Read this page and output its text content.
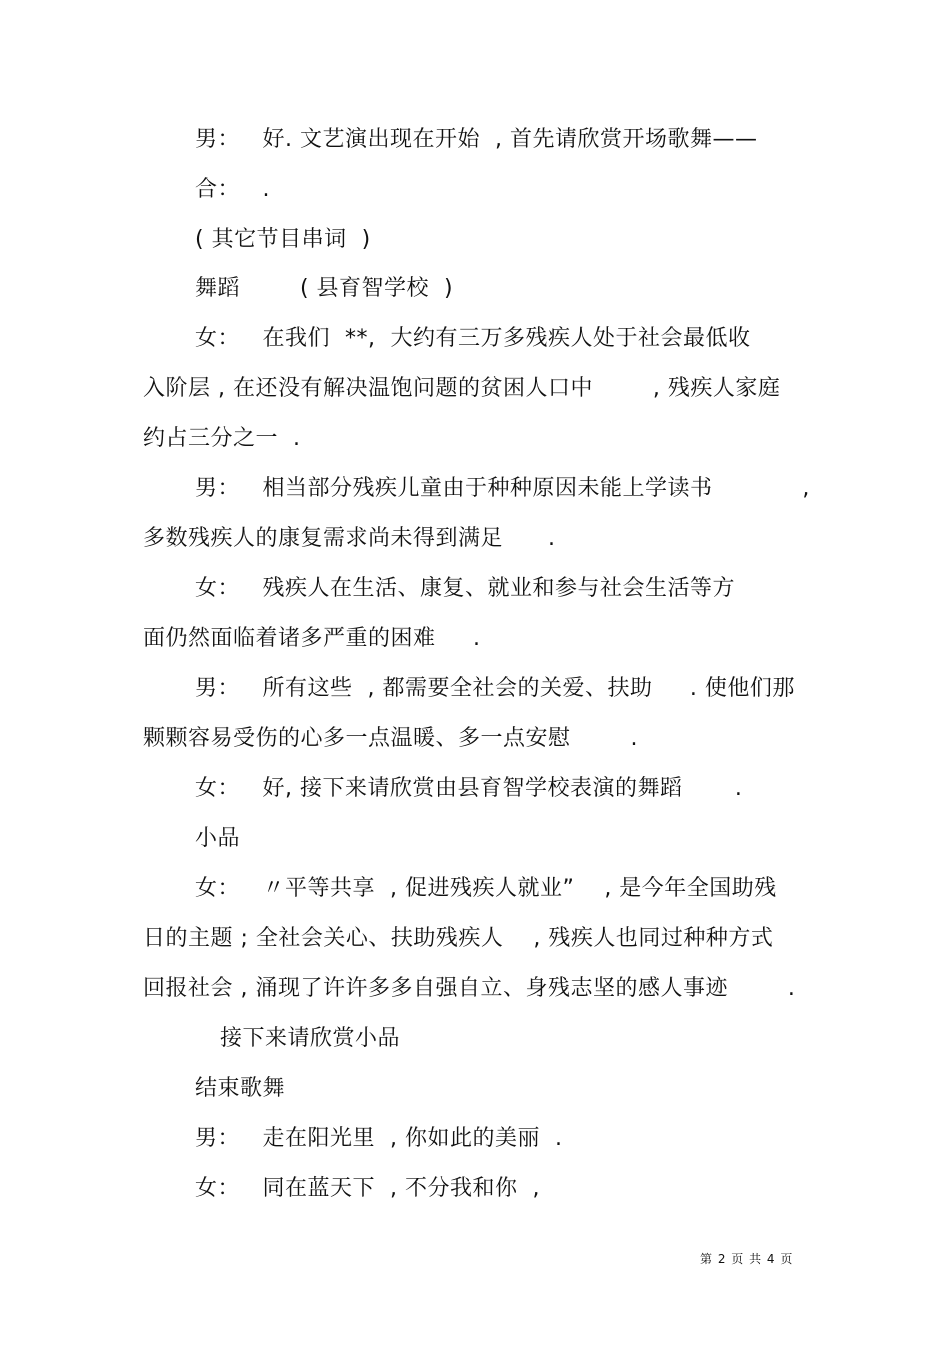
男：   好. 文艺演出现在开始  , 首先请欣赏开场歌舞——
合：   .
( 其它节目串词  )
舞蹈        ( 县育智学校  )
女：   在我们  **,  大约有三万多残疾人处于社会最低收
入阶层 , 在还没有解决温饱问题的贫困人口中        , 残疾人家庭
约占三分之一  .
男：   相当部分残疾儿童由于种种原因未能上学读书            ,
多数残疾人的康复需求尚未得到满足      .
女：   残疾人在生活、康复、就业和参与社会生活等方
面仍然面临着诸多严重的困难     .
男：   所有这些  , 都需要全社会的关爱、扶助     . 使他们那
颗颗容易受伤的心多一点温暖、多一点安慰        .
女：   好, 接下来请欣赏由县育智学校表演的舞蹈       .
小品
女：   〃平等共享  , 促进残疾人就业”    , 是今年全国助残
日的主题 ; 全社会关心、扶助残疾人    , 残疾人也同过种种方式
回报社会 , 涌现了许许多多自强自立、身残志坚的感人事迹        .
接下来请欣赏小品
结束歌舞
男：   走在阳光里  , 你如此的美丽  .
女：   同在蓝天下  , 不分我和你  ,
第 2 页 共 4 页
